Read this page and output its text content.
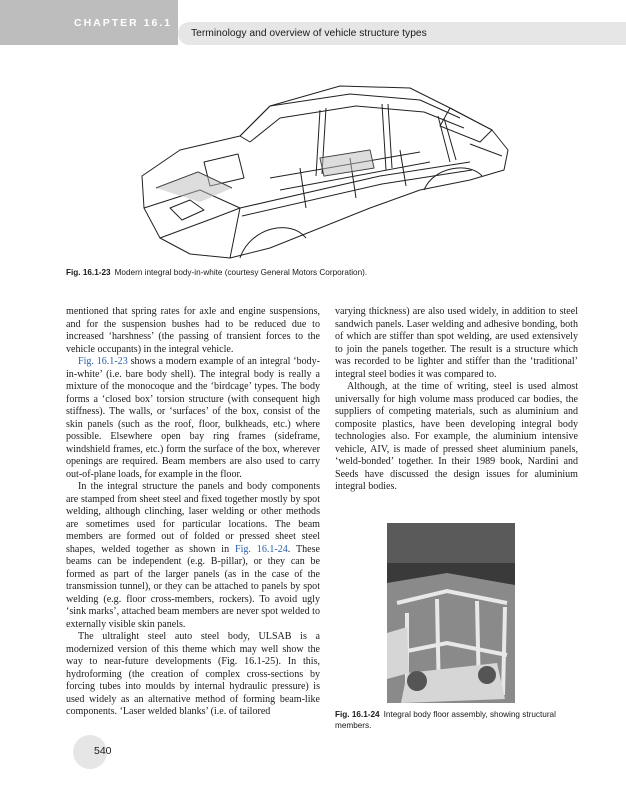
CHAPTER 16.1
Terminology and overview of vehicle structure types
Fig. 16.1-23 Modern integral body-in-white (courtesy General Motors Corporation).

mentioned that spring rates for axle and engine suspensions, and for the suspension bushes had to be reduced due to increased ‘harshness’ (the passing of transient forces to the vehicle occupants) in the integral vehicle.

Fig. 16.1-23 shows a modern example of an integral ‘body-in-white’ (i.e. bare body shell). The integral body is really a mixture of the monocoque and the ‘birdcage’ types. The body forms a ‘closed box’ torsion structure (with consequent high stiffness). The walls, or ‘surfaces’ of the box, consist of the skin panels (such as the roof, floor, bulkheads, etc.) where possible. Elsewhere open bay ring frames (sideframe, windshield frames, etc.) form the surface of the box, wherever openings are required. Beam members are also used to carry out-of-plane loads, for example in the floor.

In the integral structure the panels and body components are stamped from sheet steel and fixed together mostly by spot welding, although clinching, laser welding or other methods are sometimes used for particular locations. The beam members are formed out of folded or pressed sheet steel shapes, welded together as shown in Fig. 16.1-24. These beams can be independent (e.g. B-pillar), or they can be formed as part of the larger panels (as in the case of the transmission tunnel), or they can be attached to panels by spot welding (e.g. floor cross-members, rockers). To avoid ugly ‘sink marks’, attached beam members are never spot welded to externally visible skin panels.

The ultralight steel auto steel body, ULSAB is a modernized version of this theme which may well show the way to near-future developments (Fig. 16.1-25). In this, hydroforming (the creation of complex cross-sections by forcing tubes into moulds by internal hydraulic pressure) is used widely as an alternative method of forming beam-like components. ‘Laser welded blanks’ (i.e. of tailored

varying thickness) are also used widely, in addition to steel sandwich panels. Laser welding and adhesive bonding, both of which are stiffer than spot welding, are used extensively to join the panels together. The result is a structure which was recorded to be lighter and stiffer than the ‘traditional’ integral steel bodies it was compared to.

Although, at the time of writing, steel is used almost universally for high volume mass produced car bodies, the suppliers of competing materials, such as aluminium and composite plastics, have been developing integral body technologies also. For example, the aluminium intensive vehicle, AIV, is made of pressed sheet aluminium panels, ‘weld-bonded’ together. In their 1989 book, Nardini and Seeds have discussed the design issues for aluminium integral bodies.

Fig. 16.1-24 Integral body floor assembly, showing structural members.
540
